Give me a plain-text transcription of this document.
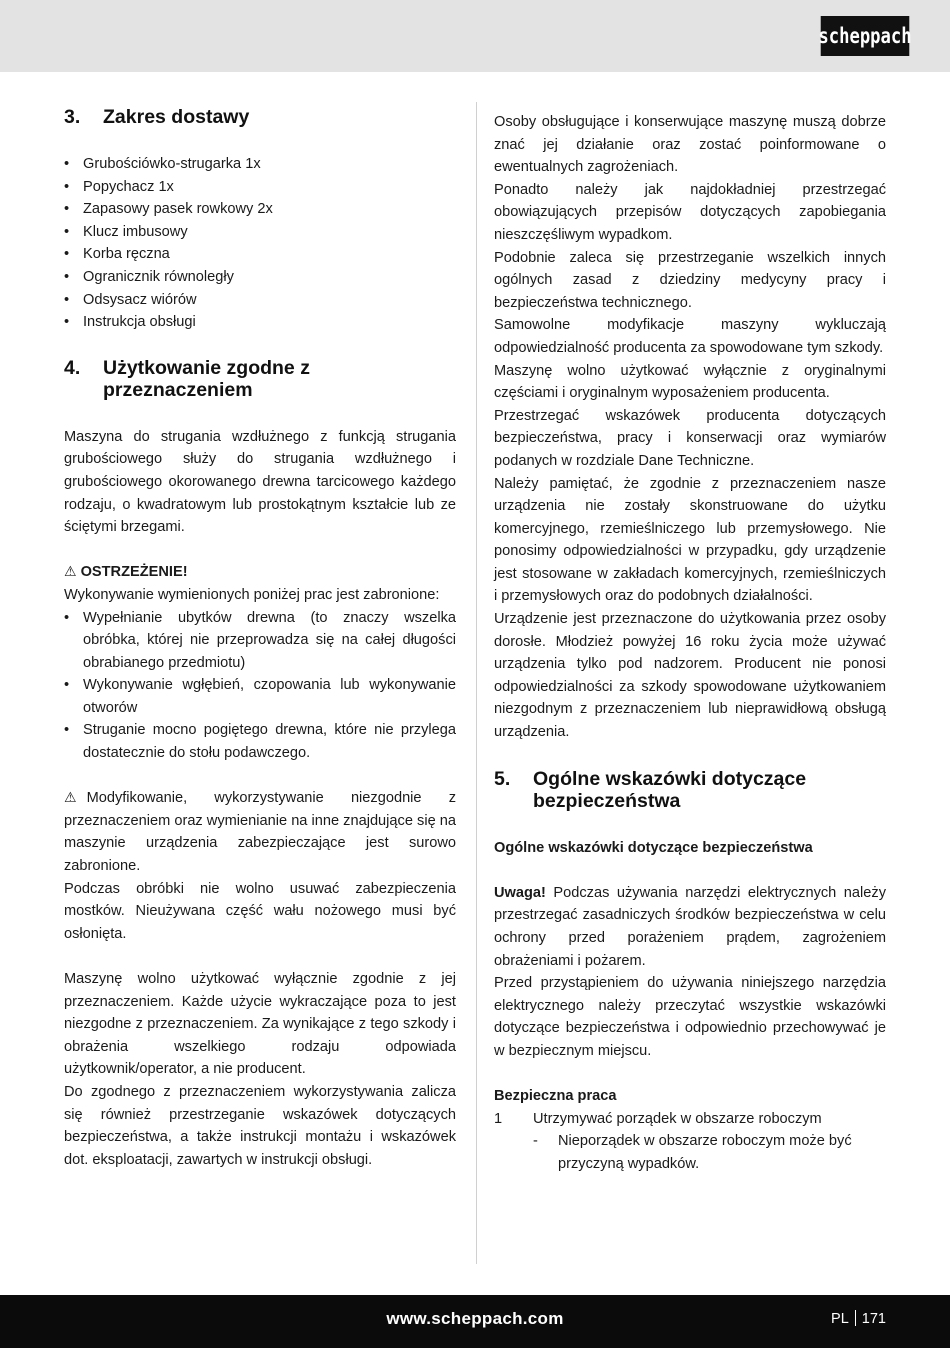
scheppach
3.	Zakres dostawy
• Grubościówko-strugarka 1x
• Popychacz 1x
• Zapasowy pasek rowkowy 2x
• Klucz imbusowy
• Korba ręczna
• Ogranicznik równoległy
• Odsysacz wiórów
• Instrukcja obsługi
4.	Użytkowanie zgodne z przeznaczeniem

Maszyna do strugania wzdłużnego z funkcją strugania grubościowego służy do strugania wzdłużnego i grubościowego okorowanego drewna tarcicowego każdego rodzaju, o kwadratowym lub prostokątnym kształcie lub ze ściętymi brzegami.

⚠ OSTRZEŻENIE!

Wykonywanie wymienionych poniżej prac jest zabronione:

• Wypełnianie ubytków drewna (to znaczy wszelka obróbka, której nie przeprowadza się na całej długości obrabianego przedmiotu)
• Wykonywanie wgłębień, czopowania lub wykonywanie otworów
• Struganie mocno pogiętego drewna, które nie przylega dostatecznie do stołu podawczego.

⚠ Modyfikowanie, wykorzystywanie niezgodnie z przeznaczeniem oraz wymienianie na inne znajdujące się na maszynie urządzenia zabezpieczające jest surowo zabronione.

Podczas obróbki nie wolno usuwać zabezpieczenia mostków. Nieużywana część wału nożowego musi być osłonięta.

Maszynę wolno użytkować wyłącznie zgodnie z jej przeznaczeniem. Każde użycie wykraczające poza to jest niezgodne z przeznaczeniem. Za wynikające z tego szkody i obrażenia wszelkiego rodzaju odpowiada użytkownik/operator, a nie producent.

Do zgodnego z przeznaczeniem wykorzystywania zalicza się również przestrzeganie wskazówek dotyczących bezpieczeństwa, a także instrukcji montażu i wskazówek dot. eksploatacji, zawartych w instrukcji obsługi.

Osoby obsługujące i konserwujące maszynę muszą dobrze znać jej działanie oraz zostać poinformowane o ewentualnych zagrożeniach.

Ponadto należy jak najdokładniej przestrzegać obowiązujących przepisów dotyczących zapobiegania nieszczęśliwym wypadkom.

Podobnie zaleca się przestrzeganie wszelkich innych ogólnych zasad z dziedziny medycyny pracy i bezpieczeństwa technicznego.

Samowolne modyfikacje maszyny wykluczają odpowiedzialność producenta za spowodowane tym szkody.

Maszynę wolno użytkować wyłącznie z oryginalnymi częściami i oryginalnym wyposażeniem producenta.

Przestrzegać wskazówek producenta dotyczących bezpieczeństwa, pracy i konserwacji oraz wymiarów podanych w rozdziale Dane Techniczne.

Należy pamiętać, że zgodnie z przeznaczeniem nasze urządzenia nie zostały skonstruowane do użytku komercyjnego, rzemieślniczego lub przemysłowego. Nie ponosimy odpowiedzialności w przypadku, gdy urządzenie jest stosowane w zakładach komercyjnych, rzemieślniczych i przemysłowych oraz do podobnych działalności.

Urządzenie jest przeznaczone do użytkowania przez osoby dorosłe. Młodzież powyżej 16 roku życia może używać urządzenia tylko pod nadzorem. Producent nie ponosi odpowiedzialności za szkody spowodowane użytkowaniem niezgodnym z przeznaczeniem lub nieprawidłową obsługą urządzenia.

5.	Ogólne wskazówki dotyczące bezpieczeństwa

Ogólne wskazówki dotyczące bezpieczeństwa

Uwaga! Podczas używania narzędzi elektrycznych należy przestrzegać zasadniczych środków bezpieczeństwa w celu ochrony przed porażeniem prądem, zagrożeniem obrażeniami i pożarem.

Przed przystąpieniem do używania niniejszego narzędzia elektrycznego należy przeczytać wszystkie wskazówki dotyczące bezpieczeństwa i odpowiednio przechowywać je w bezpiecznym miejscu.

Bezpieczna praca

1	Utrzymywać porządek w obszarze roboczym
-	Nieporządek w obszarze roboczym może być przyczyną wypadków.
www.scheppach.com	PL 171
